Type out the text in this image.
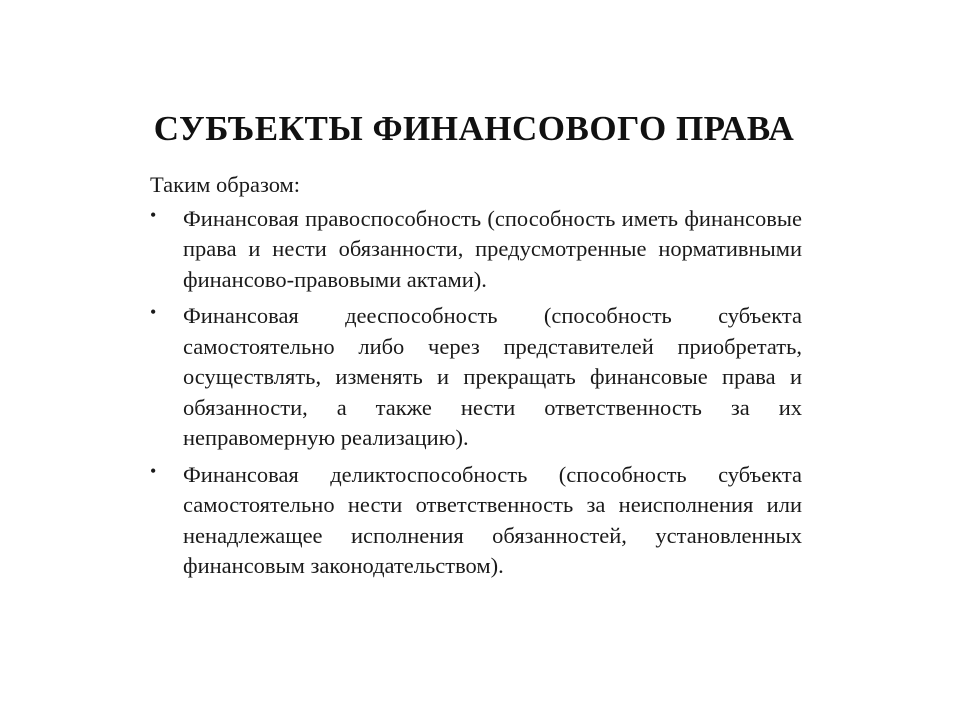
СУБЪЕКТЫ ФИНАНСОВОГО ПРАВА

Таким образом:

• Финансовая правоспособность (способность иметь финансовые права и нести обязанности, предусмотренные нормативными финансово-правовыми актами).
• Финансовая дееспособность (способность субъекта самостоятельно либо через представителей приобретать, осуществлять, изменять и прекращать финансовые права и обязанности, а также нести ответственность за их неправомерную реализацию).
• Финансовая деликтоспособность (способность субъекта самостоятельно нести ответственность за неисполнения или ненадлежащее исполнения обязанностей, установленных финансовым законодательством).
